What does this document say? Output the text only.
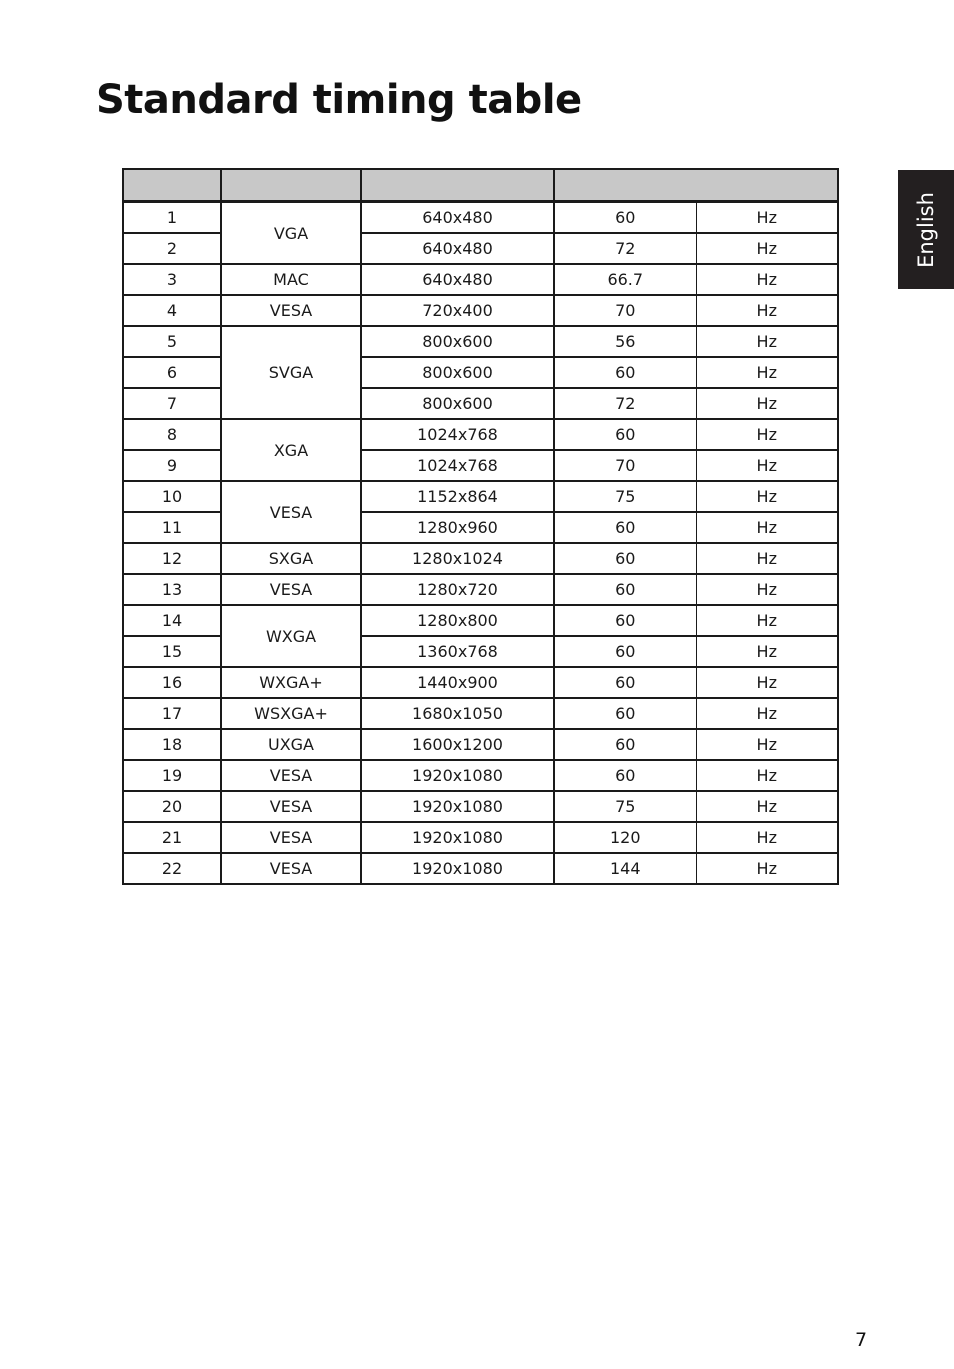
Standard timing table
English

1	VGA	640x480	60	Hz
2		640x480	72	Hz
3	MAC	640x480	66.7	Hz
4	VESA	720x400	70	Hz
5	SVGA	800x600	56	Hz
6		800x600	60	Hz
7		800x600	72	Hz
8	XGA	1024x768	60	Hz
9		1024x768	70	Hz
10	VESA	1152x864	75	Hz
11		1280x960	60	Hz
12	SXGA	1280x1024	60	Hz
13	VESA	1280x720	60	Hz
14	WXGA	1280x800	60	Hz
15		1360x768	60	Hz
16	WXGA+	1440x900	60	Hz
17	WSXGA+	1680x1050	60	Hz
18	UXGA	1600x1200	60	Hz
19	VESA	1920x1080	60	Hz
20	VESA	1920x1080	75	Hz
21	VESA	1920x1080	120	Hz
22	VESA	1920x1080	144	Hz
7
